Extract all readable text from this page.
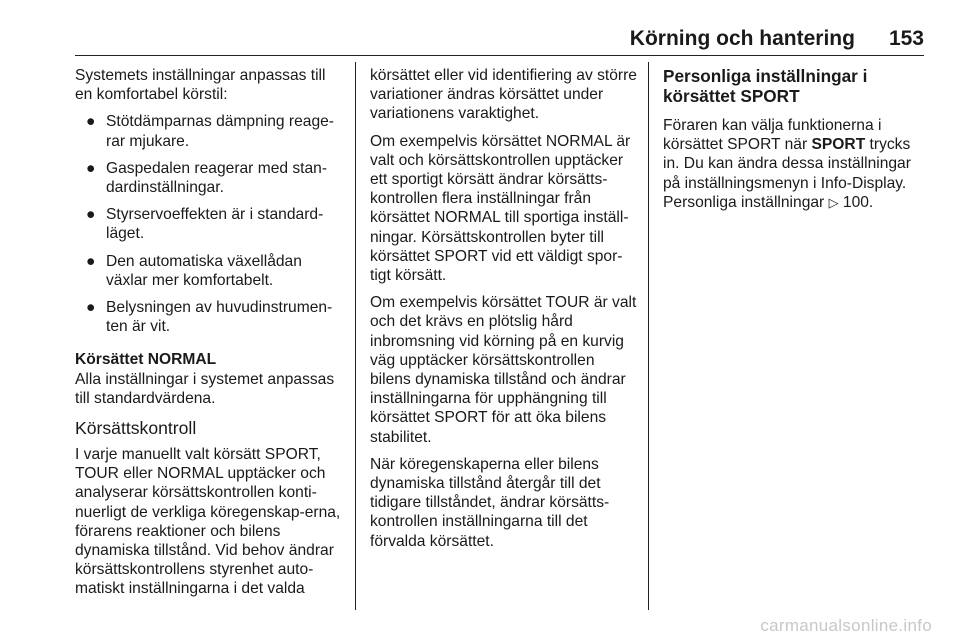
Körning och hantering 153

Systemets inställningar anpassas till en komfortabel körstil:

● Stötdämparnas dämpning reage-rar mjukare.
● Gaspedalen reagerar med stan-dardinställningar.
● Styrservoeffekten är i standard-läget.
● Den automatiska växellådan växlar mer komfortabelt.
● Belysningen av huvudinstrumen-ten är vit.
Körsättet NORMAL

Alla inställningar i systemet anpassas till standardvärdena.

Körsättskontroll

I varje manuellt valt körsätt SPORT, TOUR eller NORMAL upptäcker och analyserar körsättskontrollen konti-nuerligt de verkliga köregenskap-erna, förarens reaktioner och bilens dynamiska tillstånd. Vid behov ändrar körsättskontrollens styrenhet auto-matiskt inställningarna i det valda

körsättet eller vid identifiering av större variationer ändras körsättet under variationens varaktighet.

Om exempelvis körsättet NORMAL är valt och körsättskontrollen upptäcker ett sportigt körsätt ändrar körsätts-kontrollen flera inställningar från körsättet NORMAL till sportiga inställ-ningar. Körsättskontrollen byter till körsättet SPORT vid ett väldigt spor-tigt körsätt.

Om exempelvis körsättet TOUR är valt och det krävs en plötslig hård inbromsning vid körning på en kurvig väg upptäcker körsättskontrollen bilens dynamiska tillstånd och ändrar inställningarna för upphängning till körsättet SPORT för att öka bilens stabilitet.

När köregenskaperna eller bilens dynamiska tillstånd återgår till det tidigare tillståndet, ändrar körsätts-kontrollen inställningarna till det förvalda körsättet.

Personliga inställningar i körsättet SPORT

Föraren kan välja funktionerna i körsättet SPORT när SPORT trycks in. Du kan ändra dessa inställningar på inställningsmenyn i Info-Display. Personliga inställningar ▷ 100.

carmanualsonline.info
